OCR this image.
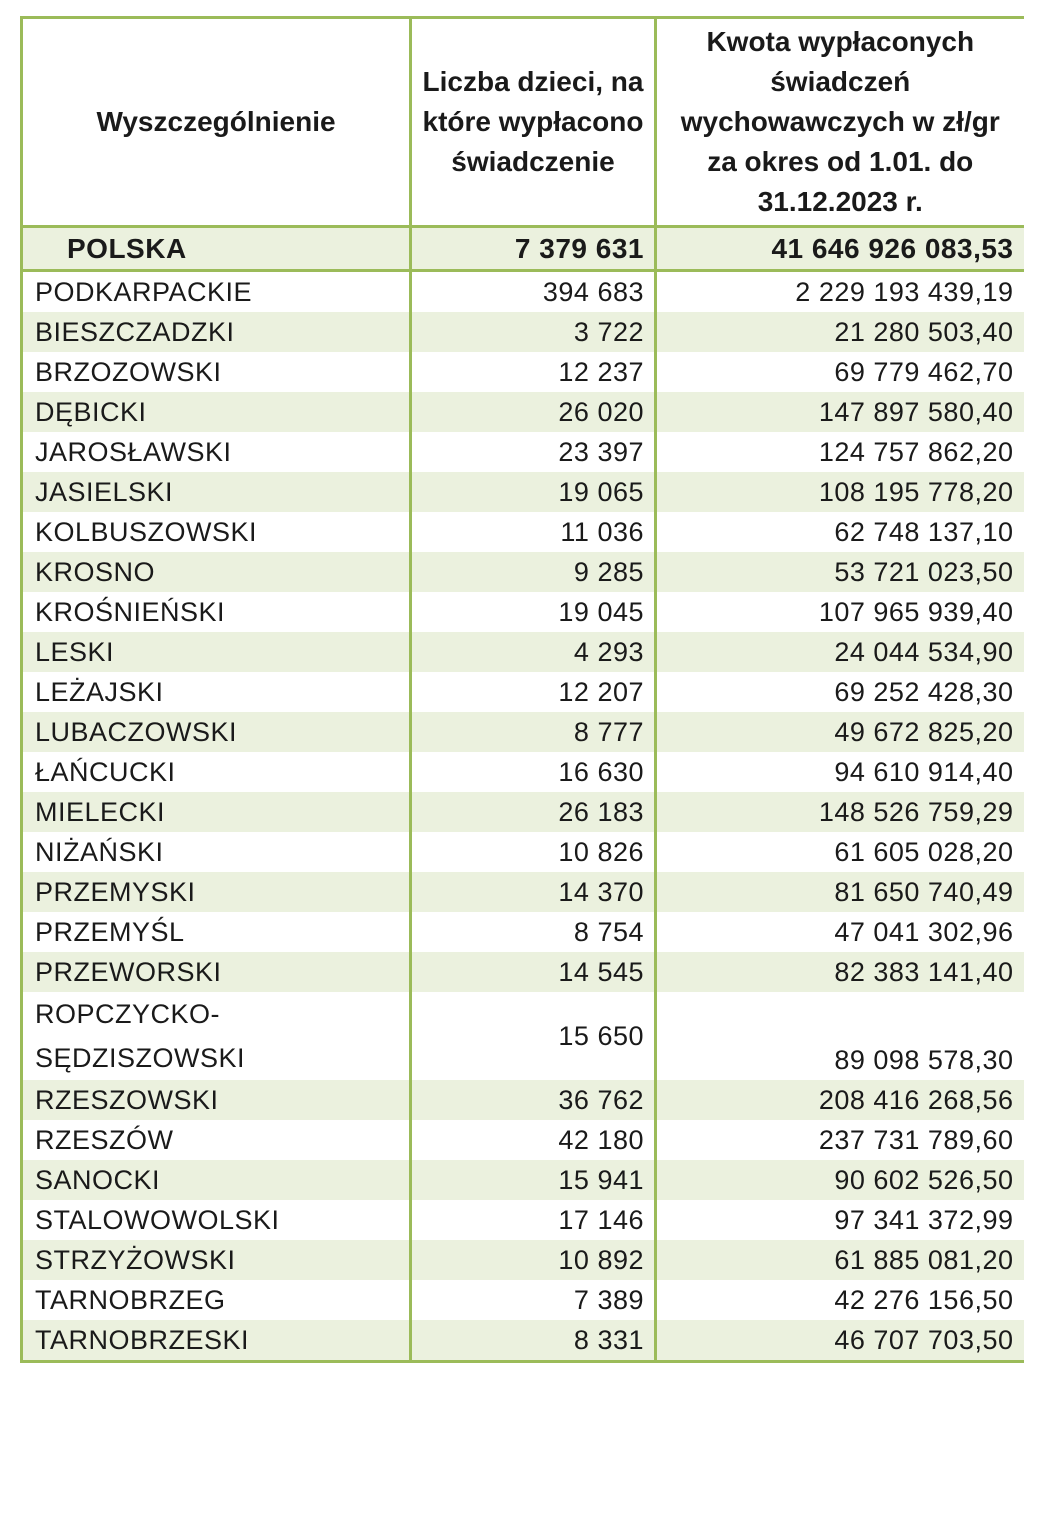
Wyszczególnienie	Liczba dzieci, na które wypłacono świadczenie	Kwota wypłaconych świadczeń wychowawczych w zł/gr za okres od 1.01. do 31.12.2023 r.
POLSKA	7 379 631	41 646 926 083,53
PODKARPACKIE	394 683	2 229 193 439,19
BIESZCZADZKI	3 722	21 280 503,40
BRZOZOWSKI	12 237	69 779 462,70
DĘBICKI	26 020	147 897 580,40
JAROSŁAWSKI	23 397	124 757 862,20
JASIELSKI	19 065	108 195 778,20
KOLBUSZOWSKI	11 036	62 748 137,10
KROSNO	9 285	53 721 023,50
KROŚNIEŃSKI	19 045	107 965 939,40
LESKI	4 293	24 044 534,90
LEŻAJSKI	12 207	69 252 428,30
LUBACZOWSKI	8 777	49 672 825,20
ŁAŃCUCKI	16 630	94 610 914,40
MIELECKI	26 183	148 526 759,29
NIŻAŃSKI	10 826	61 605 028,20
PRZEMYSKI	14 370	81 650 740,49
PRZEMYŚL	8 754	47 041 302,96
PRZEWORSKI	14 545	82 383 141,40

ROPCZYCKO-
SĘDZISZOWSKI	15 650	89 098 578,30
RZESZOWSKI	36 762	208 416 268,56
RZESZÓW	42 180	237 731 789,60
SANOCKI	15 941	90 602 526,50
STALOWOWOLSKI	17 146	97 341 372,99
STRZYŻOWSKI	10 892	61 885 081,20
TARNOBRZEG	7 389	42 276 156,50
TARNOBRZESKI	8 331	46 707 703,50
